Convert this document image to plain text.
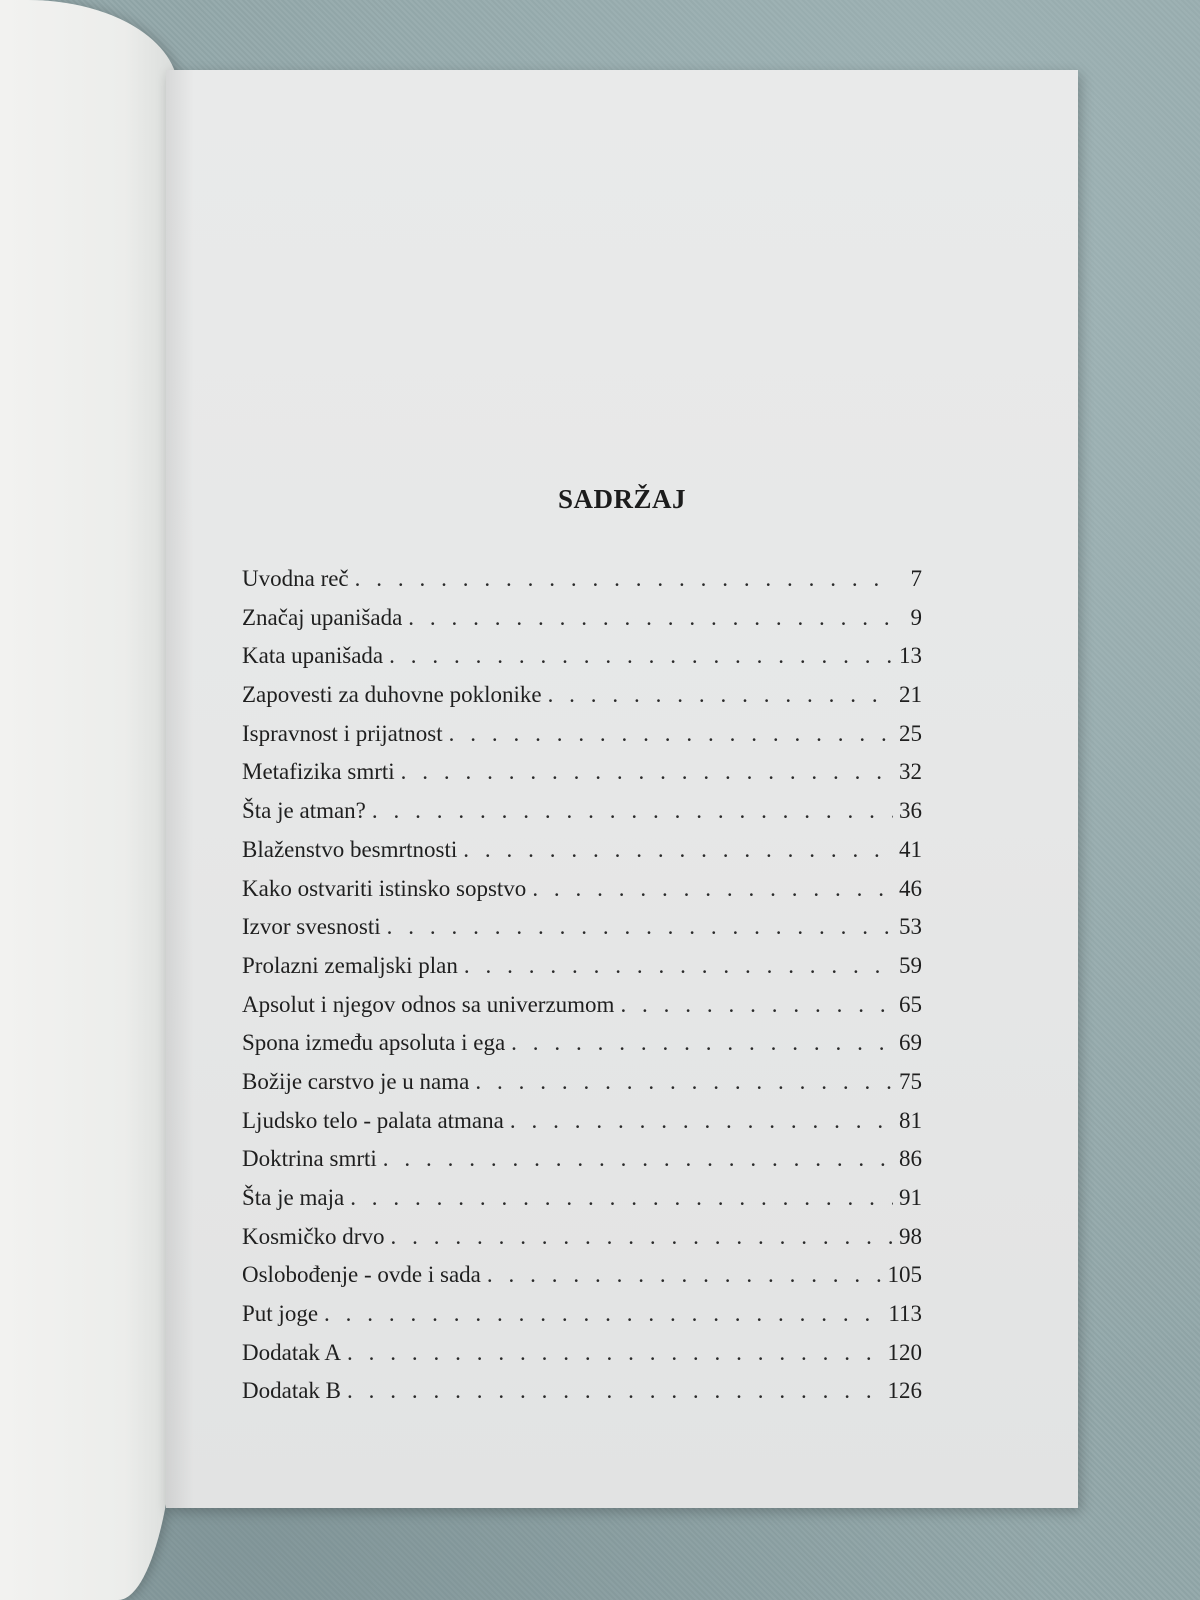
SADRŽAJ
Uvodna reč . . .	7
Značaj upanišada . . .	9
Kata upanišada . . .	13
Zapovesti za duhovne poklonike . . .	21
Ispravnost i prijatnost . . .	25
Metafizika smrti . . .	32
Šta je atman? . . .	36
Blaženstvo besmrtnosti . . .	41
Kako ostvariti istinsko sopstvo . . .	46
Izvor svesnosti . . .	53
Prolazni zemaljski plan . . .	59
Apsolut i njegov odnos sa univerzumom . . .	65
Spona između apsoluta i ega . . .	69
Božije carstvo je u nama . . .	75
Ljudsko telo - palata atmana . . .	81
Doktrina smrti . . .	86
Šta je maja . . .	91
Kosmičko drvo . . .	98
Oslobođenje - ovde i sada . . .	105
Put joge . . .	113
Dodatak A . . .	120
Dodatak B . . .	126
